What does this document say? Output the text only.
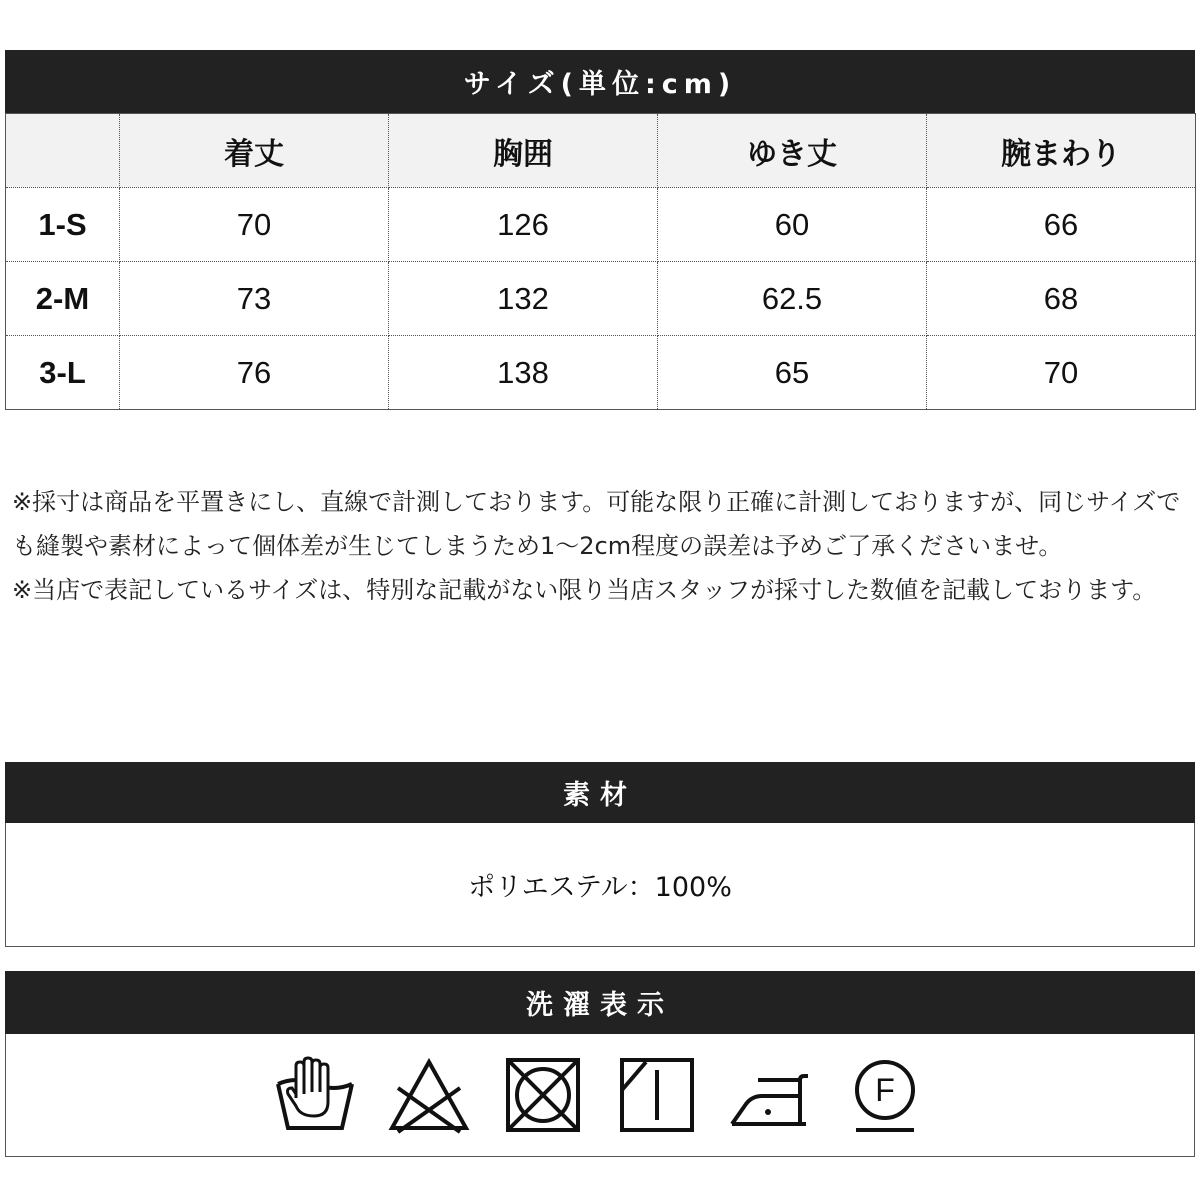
サイズ(単位:cm)
	着丈	胸囲	ゆき丈	腕まわり
1-S	70	126	60	66
2-M	73	132	62.5	68
3-L	76	138	65	70

※採寸は商品を平置きにし、直線で計測しております。可能な限り正確に計測しておりますが、同じサイズでも縫製や素材によって個体差が生じてしまうため1〜2cm程度の誤差は予めご了承くださいませ。

※当店で表記しているサイズは、特別な記載がない限り当店スタッフが採寸した数値を記載しております。

素材
ポリエステル：100%
洗濯表示
F
